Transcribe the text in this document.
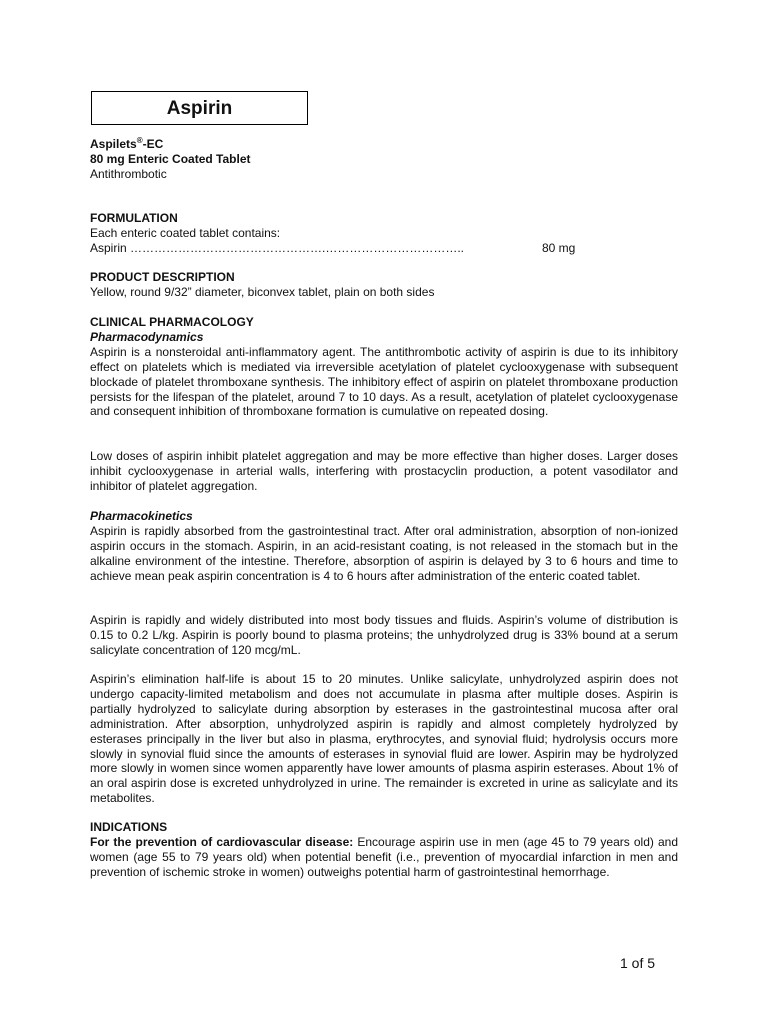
Aspirin
Aspilets®-EC
80 mg Enteric Coated Tablet
Antithrombotic
FORMULATION
Each enteric coated tablet contains:
Aspirin ………………………………………….……………………………..	80 mg
PRODUCT DESCRIPTION
Yellow, round 9/32” diameter, biconvex tablet, plain on both sides
CLINICAL PHARMACOLOGY
Pharmacodynamics
Aspirin is a nonsteroidal anti-inflammatory agent. The antithrombotic activity of aspirin is due to its inhibitory effect on platelets which is mediated via irreversible acetylation of platelet cyclooxygenase with subsequent blockade of platelet thromboxane synthesis. The inhibitory effect of aspirin on platelet thromboxane production persists for the lifespan of the platelet, around 7 to 10 days. As a result, acetylation of platelet cyclooxygenase and consequent inhibition of thromboxane formation is cumulative on repeated dosing.
Low doses of aspirin inhibit platelet aggregation and may be more effective than higher doses. Larger doses inhibit cyclooxygenase in arterial walls, interfering with prostacyclin production, a potent vasodilator and inhibitor of platelet aggregation.
Pharmacokinetics
Aspirin is rapidly absorbed from the gastrointestinal tract. After oral administration, absorption of non-ionized aspirin occurs in the stomach. Aspirin, in an acid-resistant coating, is not released in the stomach but in the alkaline environment of the intestine. Therefore, absorption of aspirin is delayed by 3 to 6 hours and time to achieve mean peak aspirin concentration is 4 to 6 hours after administration of the enteric coated tablet.
Aspirin is rapidly and widely distributed into most body tissues and fluids. Aspirin’s volume of distribution is 0.15 to 0.2 L/kg. Aspirin is poorly bound to plasma proteins; the unhydrolyzed drug is 33% bound at a serum salicylate concentration of 120 mcg/mL.
Aspirin’s elimination half-life is about 15 to 20 minutes. Unlike salicylate, unhydrolyzed aspirin does not undergo capacity-limited metabolism and does not accumulate in plasma after multiple doses. Aspirin is partially hydrolyzed to salicylate during absorption by esterases in the gastrointestinal mucosa after oral administration. After absorption, unhydrolyzed aspirin is rapidly and almost completely hydrolyzed by esterases principally in the liver but also in plasma, erythrocytes, and synovial fluid; hydrolysis occurs more slowly in synovial fluid since the amounts of esterases in synovial fluid are lower. Aspirin may be hydrolyzed more slowly in women since women apparently have lower amounts of plasma aspirin esterases. About 1% of an oral aspirin dose is excreted unhydrolyzed in urine. The remainder is excreted in urine as salicylate and its metabolites.
INDICATIONS
For the prevention of cardiovascular disease: Encourage aspirin use in men (age 45 to 79 years old) and women (age 55 to 79 years old) when potential benefit (i.e., prevention of myocardial infarction in men and prevention of ischemic stroke in women) outweighs potential harm of gastrointestinal hemorrhage.
1 of 5
